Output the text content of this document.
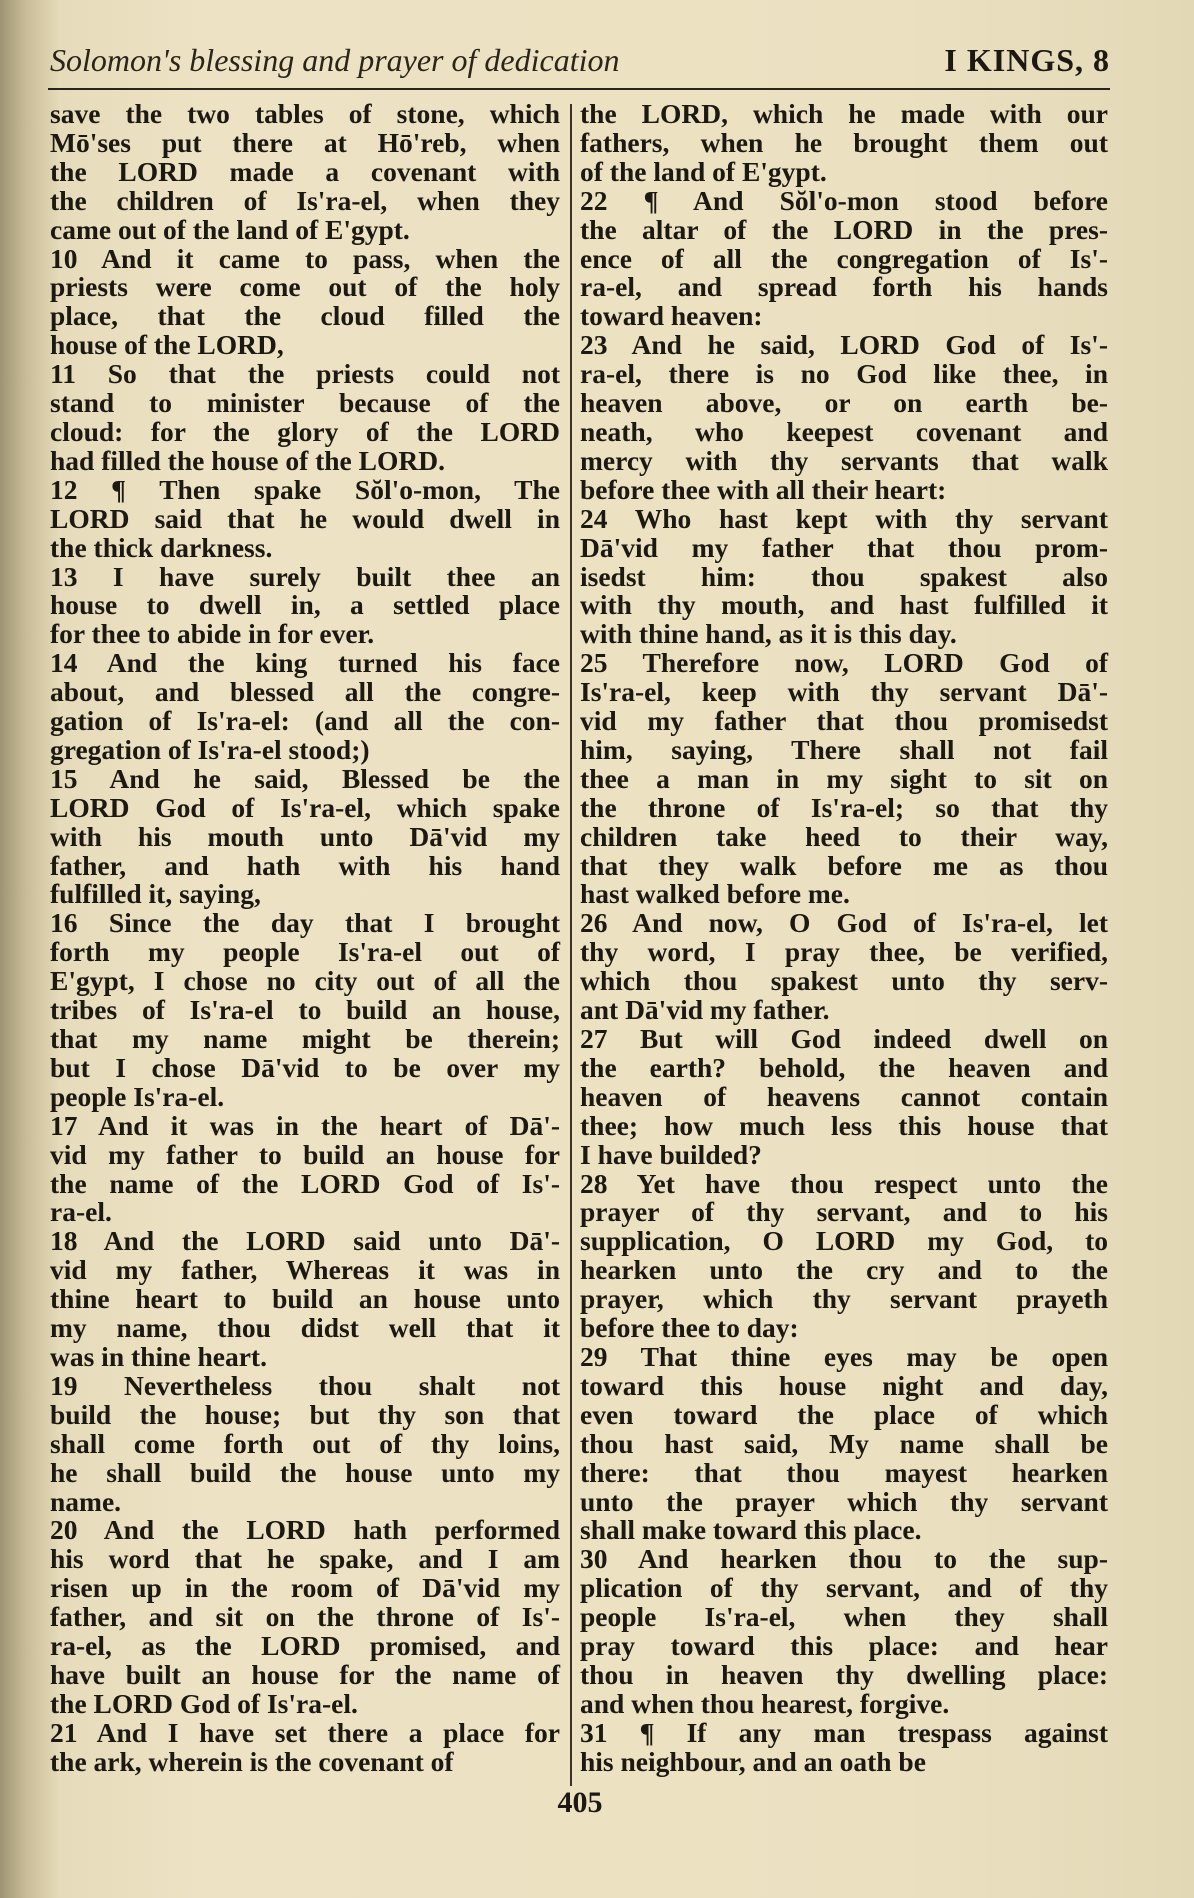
Solomon's blessing and prayer of dedication	I KINGS, 8
save the two tables of stone, which
Mō'ses put there at Hō'reb, when
the LORD made a covenant with
the children of Is'ra-el, when they
came out of the land of E'gypt.
10 And it came to pass, when the
priests were come out of the holy
place, that the cloud filled the
house of the LORD,
11 So that the priests could not
stand to minister because of the
cloud: for the glory of the LORD
had filled the house of the LORD.
12 ¶ Then spake Sŏl'o-mon, The
LORD said that he would dwell in
the thick darkness.
13 I have surely built thee an
house to dwell in, a settled place
for thee to abide in for ever.
14 And the king turned his face
about, and blessed all the congre-
gation of Is'ra-el: (and all the con-
gregation of Is'ra-el stood;)
15 And he said, Blessed be the
LORD God of Is'ra-el, which spake
with his mouth unto Dā'vid my
father, and hath with his hand
fulfilled it, saying,
16 Since the day that I brought
forth my people Is'ra-el out of
E'gypt, I chose no city out of all the
tribes of Is'ra-el to build an house,
that my name might be therein;
but I chose Dā'vid to be over my
people Is'ra-el.
17 And it was in the heart of Dā'-
vid my father to build an house for
the name of the LORD God of Is'-
ra-el.
18 And the LORD said unto Dā'-
vid my father, Whereas it was in
thine heart to build an house unto
my name, thou didst well that it
was in thine heart.
19 Nevertheless thou shalt not
build the house; but thy son that
shall come forth out of thy loins,
he shall build the house unto my
name.
20 And the LORD hath performed
his word that he spake, and I am
risen up in the room of Dā'vid my
father, and sit on the throne of Is'-
ra-el, as the LORD promised, and
have built an house for the name of
the LORD God of Is'ra-el.
21 And I have set there a place for
the ark, wherein is the covenant of
the LORD, which he made with our
fathers, when he brought them out
of the land of E'gypt.
22 ¶ And Sŏl'o-mon stood before
the altar of the LORD in the pres-
ence of all the congregation of Is'-
ra-el, and spread forth his hands
toward heaven:
23 And he said, LORD God of Is'-
ra-el, there is no God like thee, in
heaven above, or on earth be-
neath, who keepest covenant and
mercy with thy servants that walk
before thee with all their heart:
24 Who hast kept with thy servant
Dā'vid my father that thou prom-
isedst him: thou spakest also
with thy mouth, and hast fulfilled it
with thine hand, as it is this day.
25 Therefore now, LORD God of
Is'ra-el, keep with thy servant Dā'-
vid my father that thou promisedst
him, saying, There shall not fail
thee a man in my sight to sit on
the throne of Is'ra-el; so that thy
children take heed to their way,
that they walk before me as thou
hast walked before me.
26 And now, O God of Is'ra-el, let
thy word, I pray thee, be verified,
which thou spakest unto thy serv-
ant Dā'vid my father.
27 But will God indeed dwell on
the earth? behold, the heaven and
heaven of heavens cannot contain
thee; how much less this house that
I have builded?
28 Yet have thou respect unto the
prayer of thy servant, and to his
supplication, O LORD my God, to
hearken unto the cry and to the
prayer, which thy servant prayeth
before thee to day:
29 That thine eyes may be open
toward this house night and day,
even toward the place of which
thou hast said, My name shall be
there: that thou mayest hearken
unto the prayer which thy servant
shall make toward this place.
30 And hearken thou to the sup-
plication of thy servant, and of thy
people Is'ra-el, when they shall
pray toward this place: and hear
thou in heaven thy dwelling place:
and when thou hearest, forgive.
31 ¶ If any man trespass against
his neighbour, and an oath be
405
